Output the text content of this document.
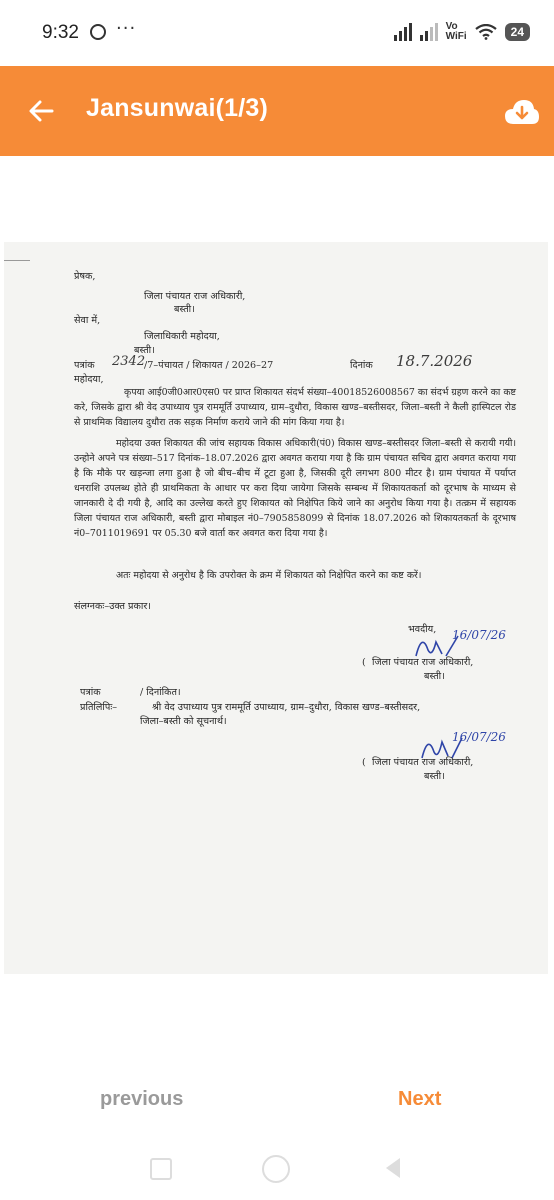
9:32 ···	Vo
WiFi	24
Jansunwai(1/3)
प्रेषक,
जिला पंचायत राज अधिकारी,
बस्ती।
सेवा में,
जिलाधिकारी महोदया,
बस्ती।
पत्रांक 2342
/7–पंचायत / शिकायत / 2026–27	दिनांक 18.7.2026
महोदया,
कृपया आई0जी0आर0एस0 पर प्राप्त शिकायत संदर्भ संख्या–40018526008567 का संदर्भ ग्रहण करने का कष्ट करे, जिसके द्वारा श्री वेद उपाध्याय पुत्र राममूर्ति उपाध्याय, ग्राम–दुधौरा, विकास खण्ड–बस्तीसदर, जिला–बस्ती ने कैली हास्पिटल रोड से प्राथमिक विद्यालय दुधौरा तक सड़क निर्माण कराये जाने की मांग किया गया है।
महोदया उक्त शिकायत की जांच सहायक विकास अधिकारी(पं0) विकास खण्ड–बस्तीसदर जिला–बस्ती से करायी गयी। उन्होने अपने पत्र संख्या–517 दिनांक–18.07.2026 द्वारा अवगत कराया गया है कि ग्राम पंचायत सचिव द्वारा अवगत कराया गया है कि मौके पर खड़न्जा लगा हुआ है जो बीच–बीच में टूटा हुआ है, जिसकी दूरी लगभग 800 मीटर है। ग्राम पंचायत में पर्याप्त धनराशि उपलब्ध होते ही प्राथमिकता के आधार पर करा दिया जायेगा जिसके सम्बन्ध में शिकायतकर्ता को दूरभाष के माध्यम से जानकारी दे दी गयी है, आदि का उल्लेख करते हुए शिकायत को निक्षेपित किये जाने का अनुरोध किया गया है। तत्क्रम में सहायक जिला पंचायत राज अधिकारी, बस्ती द्वारा मोबाइल नं0–7905858099 से दिनांक 18.07.2026 को शिकायतकर्ता के दूरभाष नं0–7011019691 पर 05.30 बजे वार्ता कर अवगत करा दिया गया है।
अतः महोदया से अनुरोध है कि उपरोक्त के क्रम में शिकायत को निक्षेपित करने का कष्ट करें।
संलग्नकः–उक्त प्रकार।
भवदीय, 16/07/26
( जिला पंचायत राज अधिकारी,
बस्ती।
पत्रांक	/ दिनांकित।
प्रतिलिपिः–	श्री वेद उपाध्याय पुत्र राममूर्ति उपाध्याय, ग्राम–दुधौरा, विकास खण्ड–बस्तीसदर,
जिला–बस्ती को सूचनार्थ।
16/07/26
( जिला पंचायत राज अधिकारी,
बस्ती।
previous	Next
